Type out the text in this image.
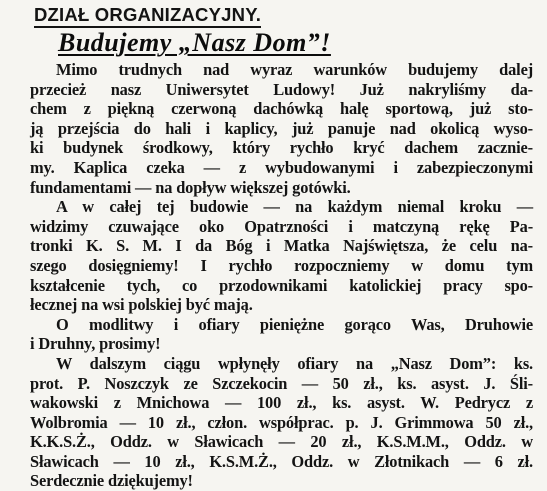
DZIAŁ ORGANIZACYJNY.
Budujemy „Nasz Dom”!
Mimo trudnych nad wyraz warunków budujemy dalej
przecież nasz Uniwersytet Ludowy! Już nakryliśmy da-
chem z piękną czerwoną dachówką halę sportową, już sto-
ją przejścia do hali i kaplicy, już panuje nad okolicą wyso-
ki budynek środkowy, który rychło kryć dachem zacznie-
my. Kaplica czeka — z wybudowanymi i zabezpieczonymi
fundamentami — na dopływ większej gotówki.
A w całej tej budowie — na każdym niemal kroku —
widzimy czuwające oko Opatrzności i matczyną rękę Pa-
tronki K. S. M. I da Bóg i Matka Najświętsza, że celu na-
szego dosięgniemy! I rychło rozpoczniemy w domu tym
kształcenie tych, co przodownikami katolickiej pracy spo-
łecznej na wsi polskiej być mają.
O modlitwy i ofiary pieniężne gorąco Was, Druhowie
i Druhny, prosimy!
W dalszym ciągu wpłynęły ofiary na „Nasz Dom”: ks.
prot. P. Noszczyk ze Szczekocin — 50 zł., ks. asyst. J. Śli-
wakowski z Mnichowa — 100 zł., ks. asyst. W. Pedrycz z
Wolbromia — 10 zł., człon. współprac. p. J. Grimmowa 50 zł.,
K.K.S.Ż., Oddz. w Sławicach — 20 zł., K.S.M.M., Oddz. w
Sławicach — 10 zł., K.S.M.Ż., Oddz. w Złotnikach — 6 zł.
Serdecznie dziękujemy!
